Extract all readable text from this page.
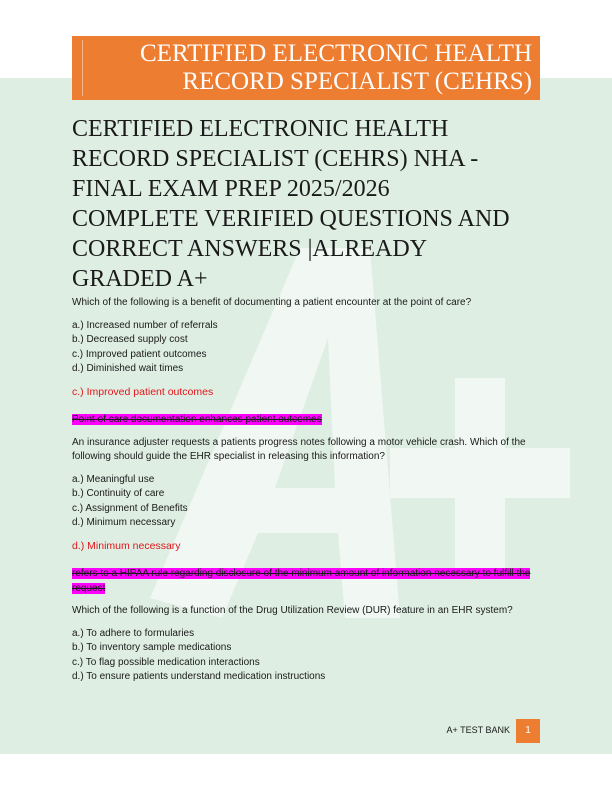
CERTIFIED ELECTRONIC HEALTH
RECORD SPECIALIST (CEHRS)
CERTIFIED ELECTRONIC HEALTH
RECORD SPECIALIST (CEHRS) NHA -
FINAL EXAM PREP 2025/2026
COMPLETE VERIFIED QUESTIONS AND
CORRECT ANSWERS |ALREADY
GRADED A+

Which of the following is a benefit of documenting a patient encounter at the point of care?

a.) Increased number of referrals
b.) Decreased supply cost
c.) Improved patient outcomes
d.) Diminished wait times

c.) Improved patient outcomes

Point of care documentation enhances patient outcomes

An insurance adjuster requests a patients progress notes following a motor vehicle crash. Which of the following should guide the EHR specialist in releasing this information?

a.) Meaningful use
b.) Continuity of care
c.) Assignment of Benefits
d.) Minimum necessary

d.) Minimum necessary

refers to a HIPAA rule regarding disclosure of the minimum amount of information necessary to fulfill the request

Which of the following is a function of the Drug Utilization Review (DUR) feature in an EHR system?

a.) To adhere to formularies
b.) To inventory sample medications
c.) To flag possible medication interactions
d.) To ensure patients understand medication instructions
A+ TEST BANK	1
